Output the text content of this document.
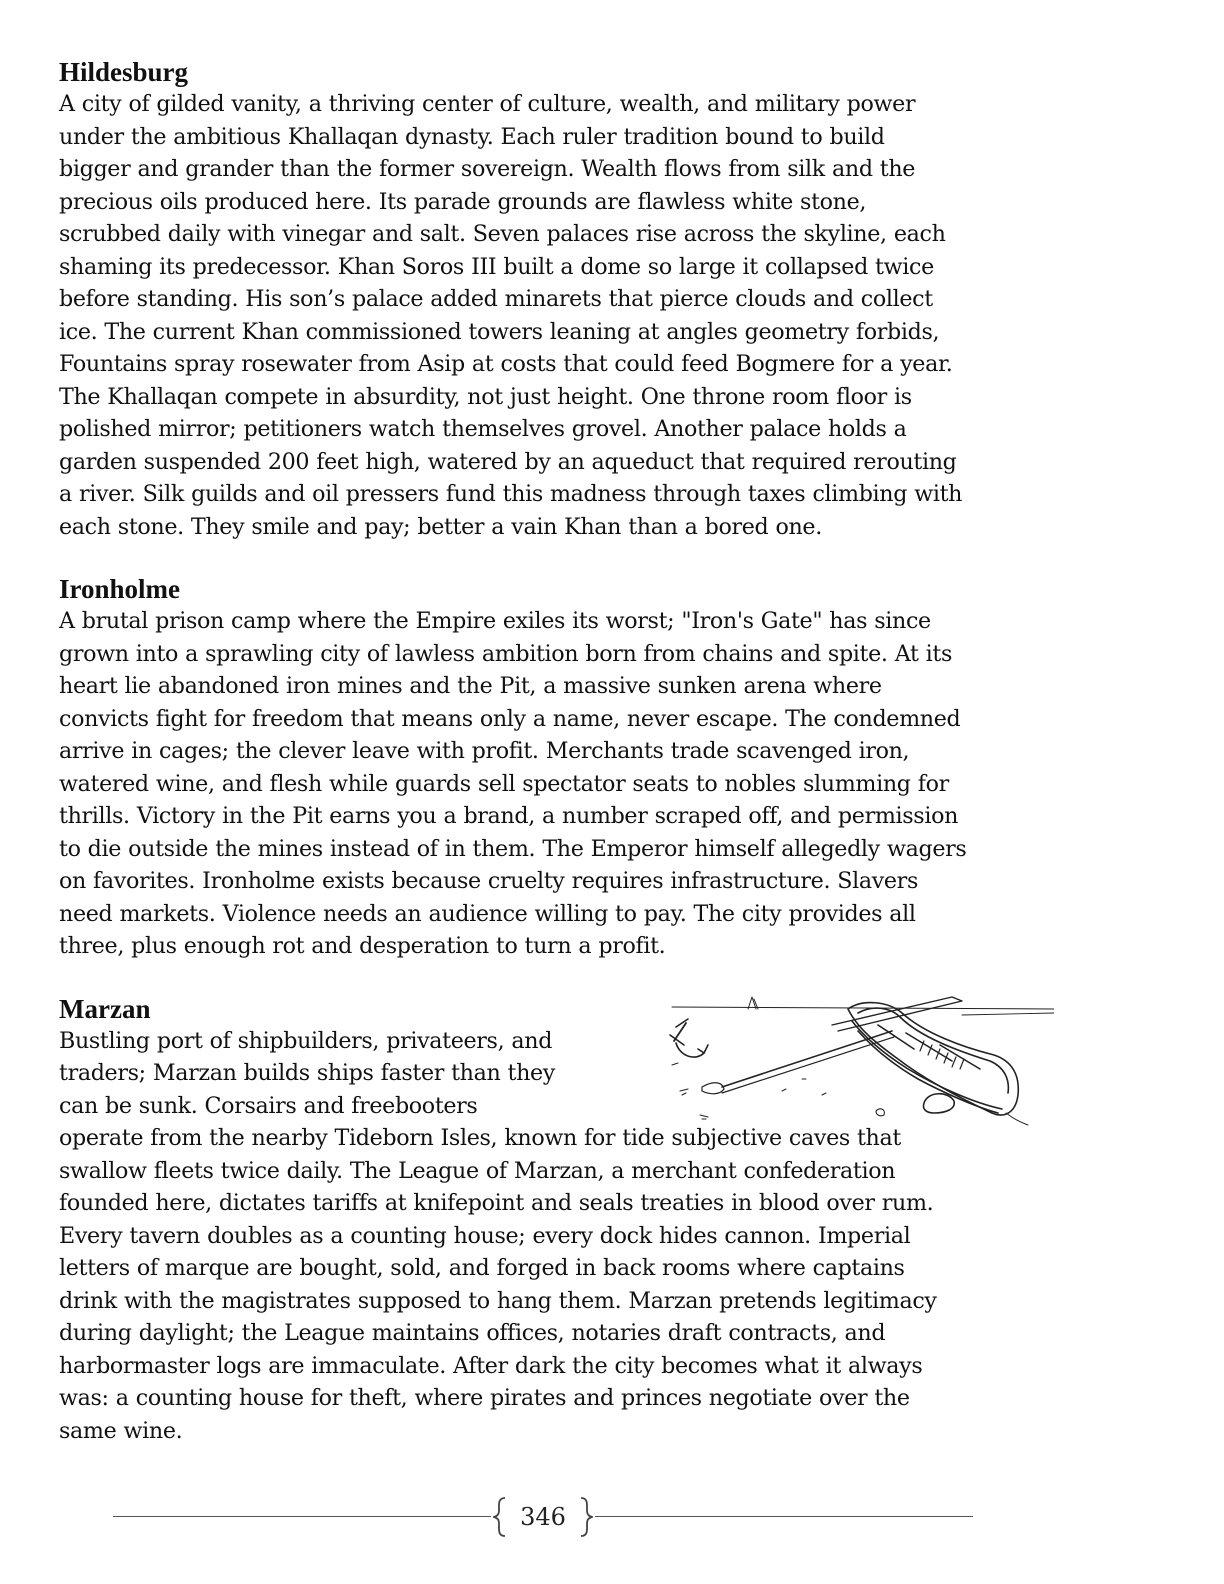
Hildesburg

A city of gilded vanity, a thriving center of culture, wealth, and military power
under the ambitious Khallaqan dynasty. Each ruler tradition bound to build
bigger and grander than the former sovereign. Wealth flows from silk and the
precious oils produced here. Its parade grounds are flawless white stone,
scrubbed daily with vinegar and salt. Seven palaces rise across the skyline, each
shaming its predecessor. Khan Soros III built a dome so large it collapsed twice
before standing. His son’s palace added minarets that pierce clouds and collect
ice. The current Khan commissioned towers leaning at angles geometry forbids,
Fountains spray rosewater from Asip at costs that could feed Bogmere for a year.
The Khallaqan compete in absurdity, not just height. One throne room floor is
polished mirror; petitioners watch themselves grovel. Another palace holds a
garden suspended 200 feet high, watered by an aqueduct that required rerouting
a river. Silk guilds and oil pressers fund this madness through taxes climbing with
each stone. They smile and pay; better a vain Khan than a bored one.

Ironholme

A brutal prison camp where the Empire exiles its worst; "Iron's Gate" has since
grown into a sprawling city of lawless ambition born from chains and spite. At its
heart lie abandoned iron mines and the Pit, a massive sunken arena where
convicts fight for freedom that means only a name, never escape. The condemned
arrive in cages; the clever leave with profit. Merchants trade scavenged iron,
watered wine, and flesh while guards sell spectator seats to nobles slumming for
thrills. Victory in the Pit earns you a brand, a number scraped off, and permission
to die outside the mines instead of in them. The Emperor himself allegedly wagers
on favorites. Ironholme exists because cruelty requires infrastructure. Slavers
need markets. Violence needs an audience willing to pay. The city provides all
three, plus enough rot and desperation to turn a profit.

Marzan

Bustling port of shipbuilders, privateers, and
traders; Marzan builds ships faster than they
can be sunk. Corsairs and freebooters
operate from the nearby Tideborn Isles, known for tide subjective caves that
swallow fleets twice daily. The League of Marzan, a merchant confederation
founded here, dictates tariffs at knifepoint and seals treaties in blood over rum.
Every tavern doubles as a counting house; every dock hides cannon. Imperial
letters of marque are bought, sold, and forged in back rooms where captains
drink with the magistrates supposed to hang them. Marzan pretends legitimacy
during daylight; the League maintains offices, notaries draft contracts, and
harbormaster logs are immaculate. After dark the city becomes what it always
was: a counting house for theft, where pirates and princes negotiate over the
same wine.

346
